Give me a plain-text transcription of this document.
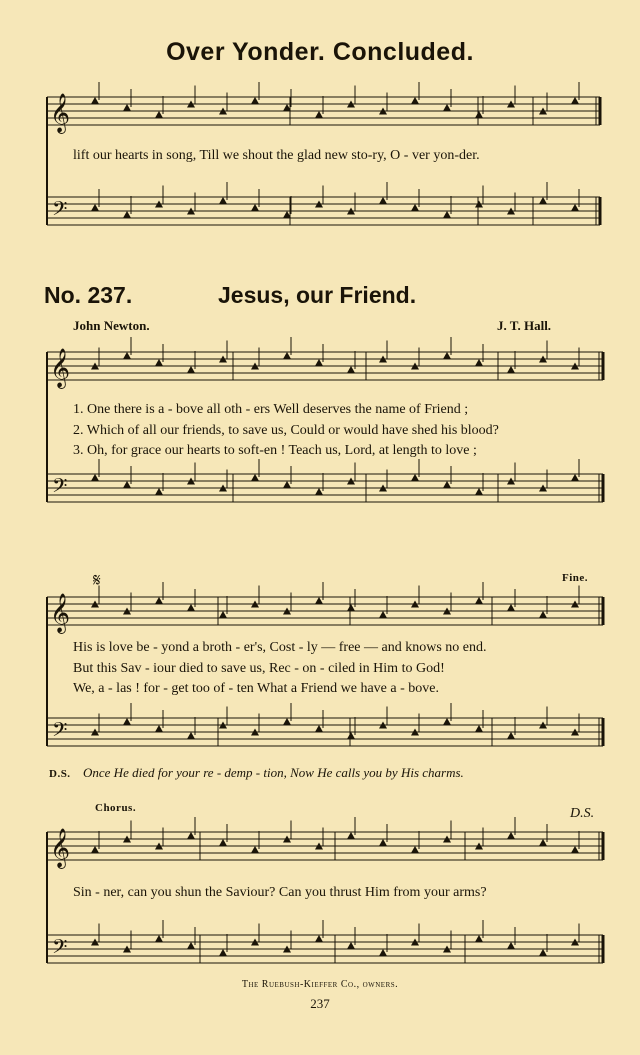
𝄞
𝄢
𝄞
𝄢
𝄞
𝄢
𝄞
𝄢
Over Yonder. Concluded.
lift our hearts in song, Till we shout the glad new sto-ry, O - ver yon-der.
No. 237.	Jesus, our Friend.
John Newton.	J. T. Hall.
1. One there is a - bove all oth - ers Well deserves the name of Friend ;
2. Which of all our friends, to save us, Could or would have shed his blood?
3. Oh, for grace our hearts to soft-en ! Teach us, Lord, at length to love ;
His is love be - yond a broth - er's, Cost - ly — free — and knows no end.
But this Sav - iour died to save us, Rec - on - ciled in Him to God!
We, a - las ! for - get too of - ten What a Friend we have a - bove.
D.S. Once He died for your re - demp - tion, Now He calls you by His charms.
𝄋	Fine.
Chorus.	D.S.
Sin - ner, can you shun the Saviour? Can you thrust Him from your arms?
The Ruebush-Kieffer Co., owners.
237
